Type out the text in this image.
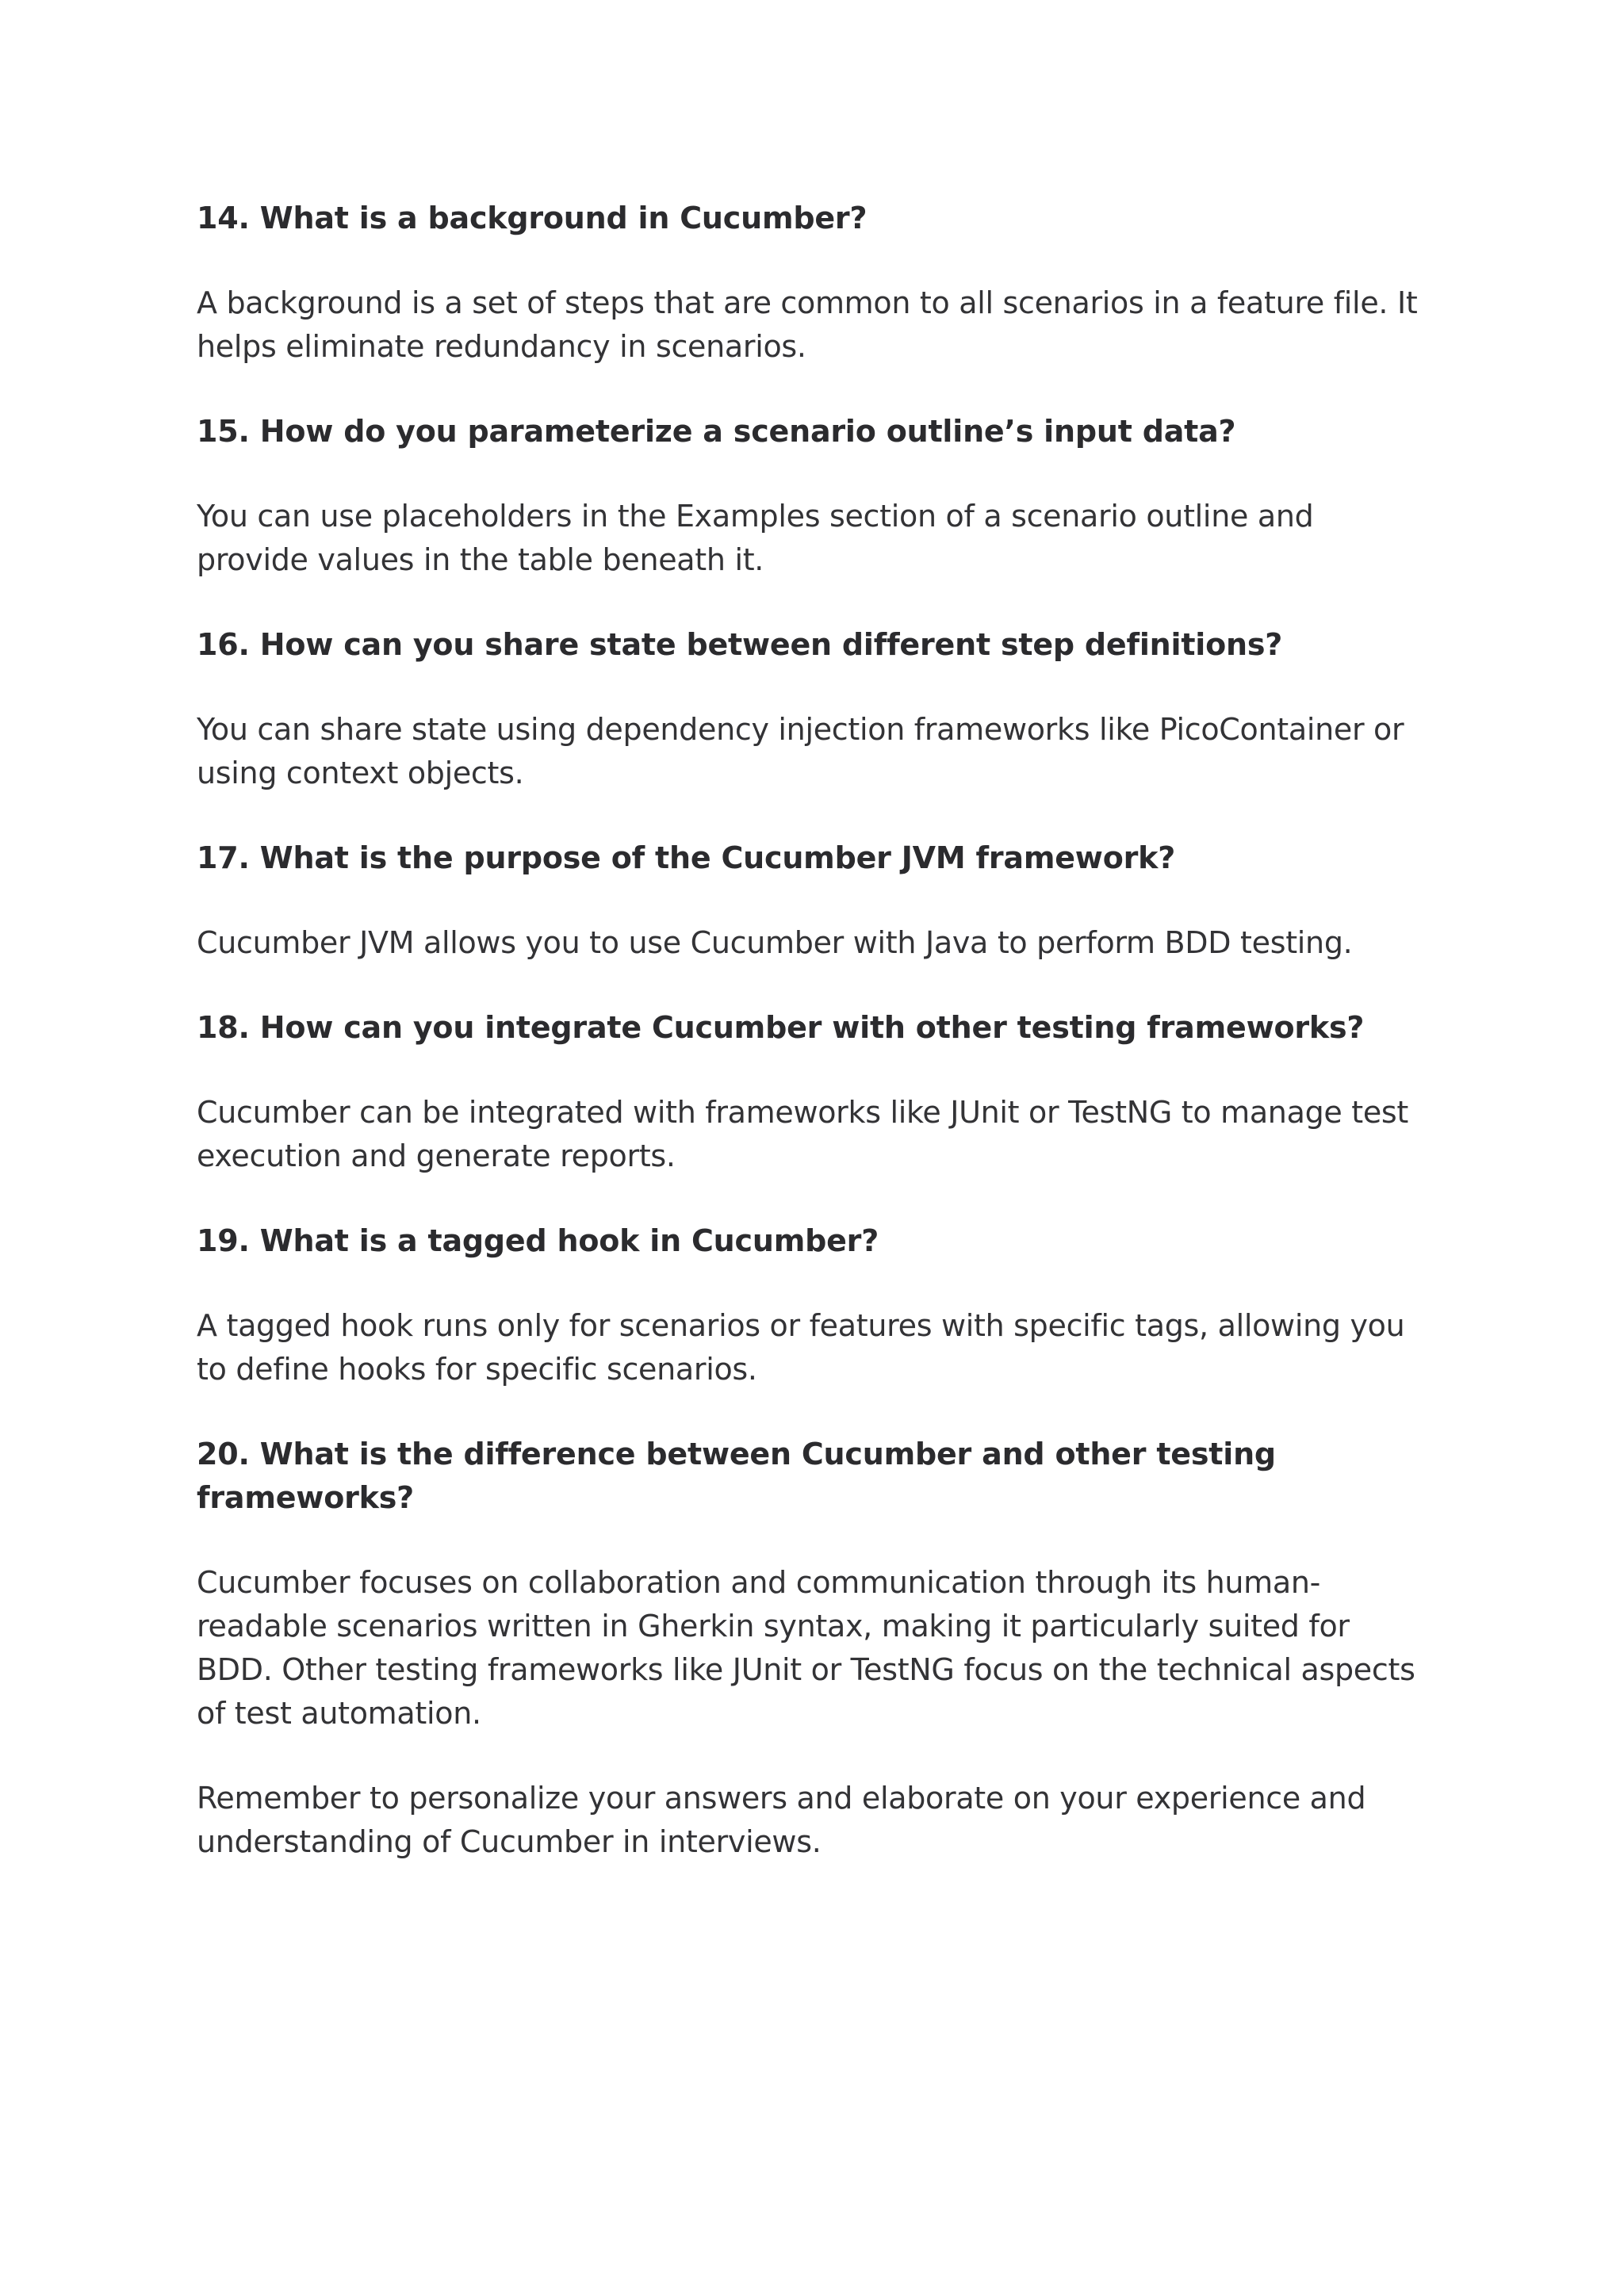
14. What is a background in Cucumber?

A background is a set of steps that are common to all scenarios in a feature file. It helps eliminate redundancy in scenarios.

15. How do you parameterize a scenario outline’s input data?

You can use placeholders in the Examples section of a scenario outline and provide values in the table beneath it.

16. How can you share state between different step definitions?

You can share state using dependency injection frameworks like PicoContainer or using context objects.

17. What is the purpose of the Cucumber JVM framework?

Cucumber JVM allows you to use Cucumber with Java to perform BDD testing.

18. How can you integrate Cucumber with other testing frameworks?

Cucumber can be integrated with frameworks like JUnit or TestNG to manage test execution and generate reports.

19. What is a tagged hook in Cucumber?

A tagged hook runs only for scenarios or features with specific tags, allowing you to define hooks for specific scenarios.

20. What is the difference between Cucumber and other testing frameworks?

Cucumber focuses on collaboration and communication through its human-readable scenarios written in Gherkin syntax, making it particularly suited for BDD. Other testing frameworks like JUnit or TestNG focus on the technical aspects of test automation.

Remember to personalize your answers and elaborate on your experience and understanding of Cucumber in interviews.
